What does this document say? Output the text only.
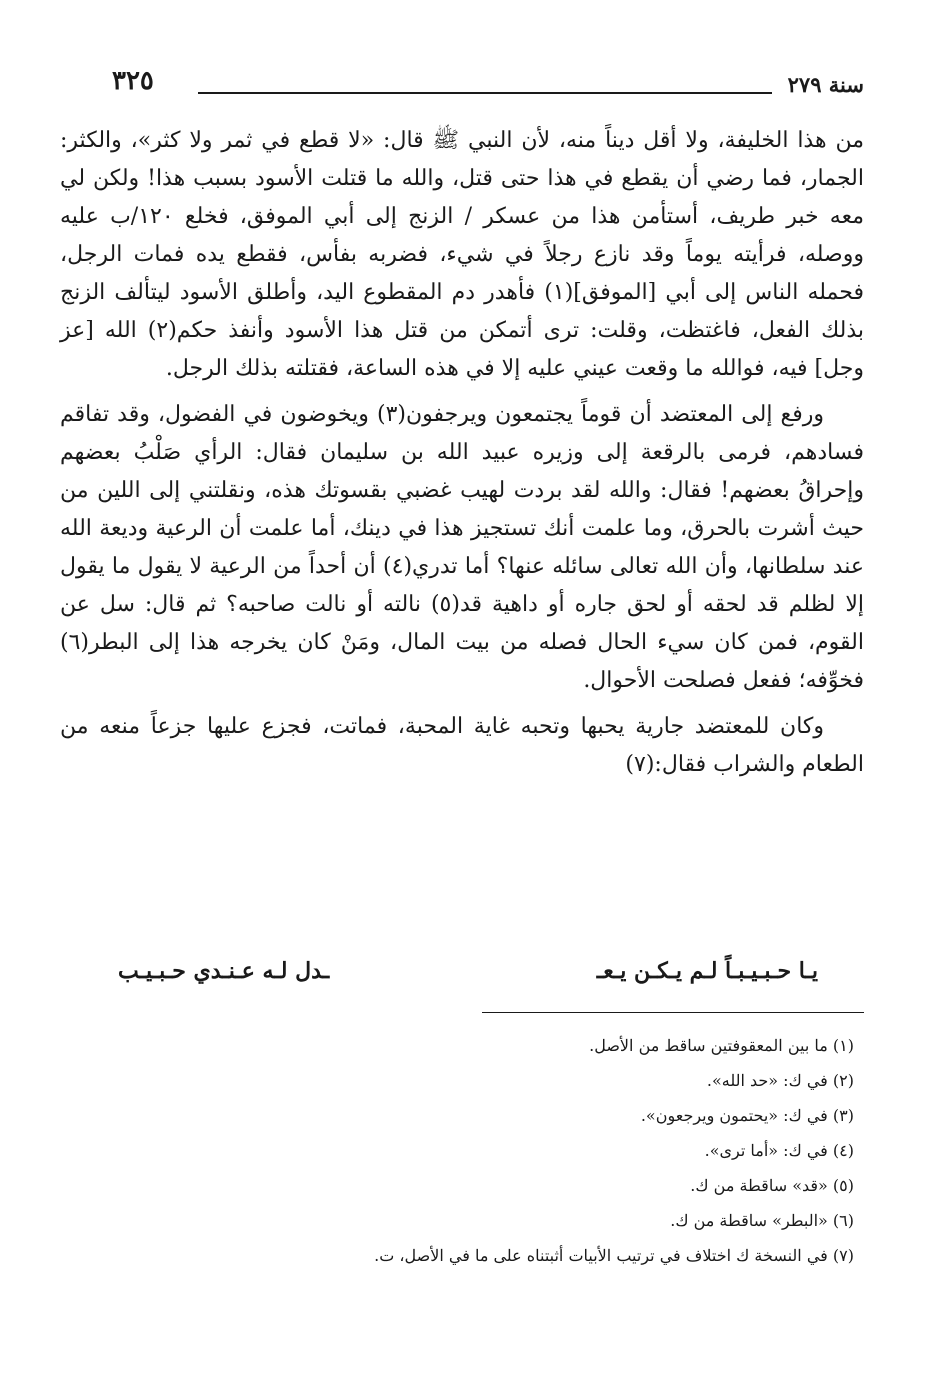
سنة ٢٧٩
٣٢٥

من هذا الخليفة، ولا أقل ديناً منه، لأن النبي ﷺ قال: «لا قطع في ثمر ولا كثر»، والكثر: الجمار، فما رضي أن يقطع في هذا حتى قتل، والله ما قتلت الأسود بسبب هذا! ولكن لي معه خبر طريف، أستأمن هذا من عسكر / الزنج إلى أبي الموفق، فخلع ١٢٠/ب عليه ووصله، فرأيته يوماً وقد نازع رجلاً في شيء، فضربه بفأس، فقطع يده فمات الرجل، فحمله الناس إلى أبي [الموفق](١) فأهدر دم المقطوع اليد، وأطلق الأسود ليتألف الزنج بذلك الفعل، فاغتظت، وقلت: ترى أتمكن من قتل هذا الأسود وأنفذ حكم(٢) الله [عز وجل] فيه، فوالله ما وقعت عيني عليه إلا في هذه الساعة، فقتلته بذلك الرجل.

ورفع إلى المعتضد أن قوماً يجتمعون ويرجفون(٣) ويخوضون في الفضول، وقد تفاقم فسادهم، فرمى بالرقعة إلى وزيره عبيد الله بن سليمان فقال: الرأي صَلْبُ بعضهم وإحراقُ بعضهم! فقال: والله لقد بردت لهيب غضبي بقسوتك هذه، ونقلتني إلى اللين من حيث أشرت بالحرق، وما علمت أنك تستجيز هذا في دينك، أما علمت أن الرعية وديعة الله عند سلطانها، وأن الله تعالى سائله عنها؟ أما تدري(٤) أن أحداً من الرعية لا يقول ما يقول إلا لظلم قد لحقه أو لحق جاره أو داهية قد(٥) نالته أو نالت صاحبه؟ ثم قال: سل عن القوم، فمن كان سيء الحال فصله من بيت المال، ومَنْ كان يخرجه هذا إلى البطر(٦) فخوِّفه؛ ففعل فصلحت الأحوال.

وكان للمعتضد جارية يحبها وتحبه غاية المحبة، فماتت، فجزع عليها جزعاً منعه من الطعام والشراب فقال:(٧)

يـا حـبـيـبـاً لـم يـكـن يـعـ
ـدل لـه عـنـدي حـبـيـب
(١) ما بين المعقوفتين ساقط من الأصل.
(٢) في ك: «حد الله».
(٣) في ك: «يحتمون ويرجعون».
(٤) في ك: «أما ترى».
(٥) «قد» ساقطة من ك.
(٦) «البطر» ساقطة من ك.
(٧) في النسخة ك اختلاف في ترتيب الأبيات أثبتناه على ما في الأصل، ت.
